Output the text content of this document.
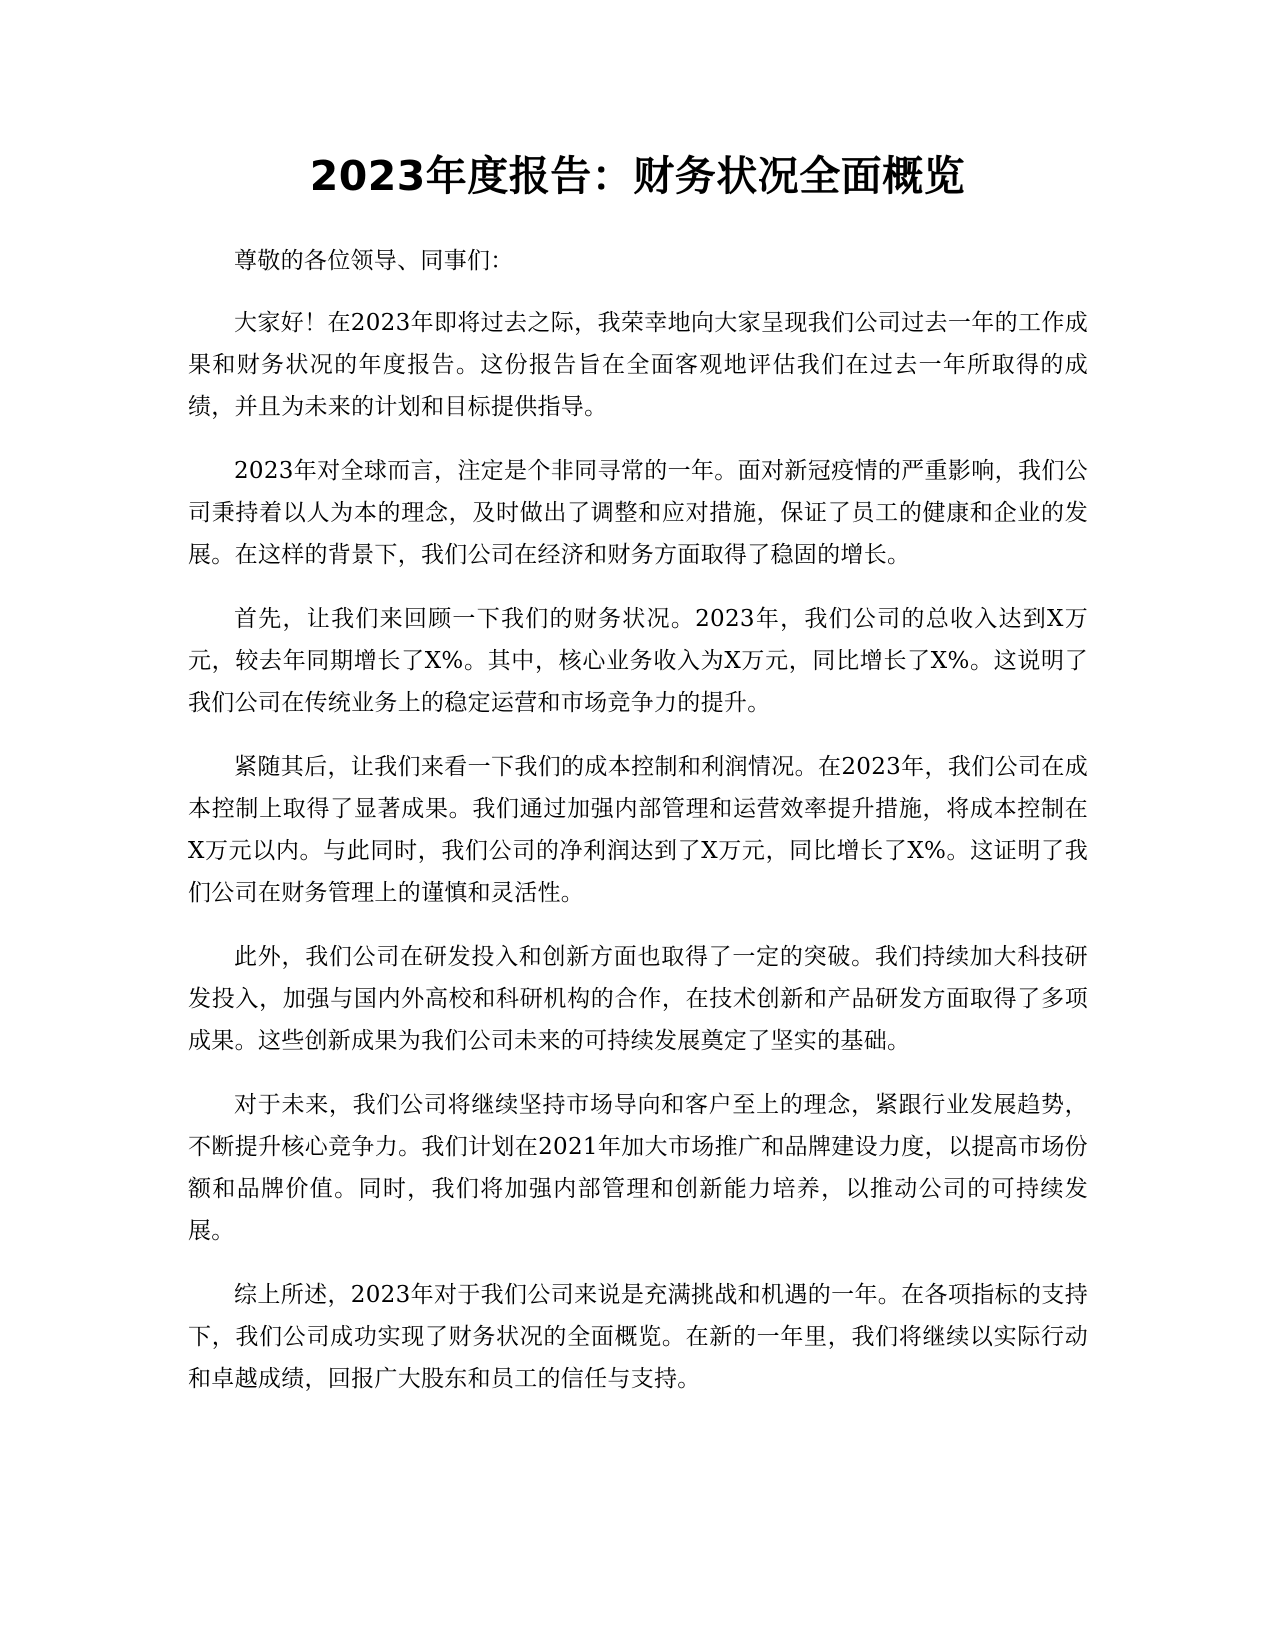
2023年度报告：财务状况全面概览

尊敬的各位领导、同事们：

大家好！在2023年即将过去之际，我荣幸地向大家呈现我们公司过去一年的工作成果和财务状况的年度报告。这份报告旨在全面客观地评估我们在过去一年所取得的成绩，并且为未来的计划和目标提供指导。

2023年对全球而言，注定是个非同寻常的一年。面对新冠疫情的严重影响，我们公司秉持着以人为本的理念，及时做出了调整和应对措施，保证了员工的健康和企业的发展。在这样的背景下，我们公司在经济和财务方面取得了稳固的增长。

首先，让我们来回顾一下我们的财务状况。2023年，我们公司的总收入达到X万元，较去年同期增长了X%。其中，核心业务收入为X万元，同比增长了X%。这说明了我们公司在传统业务上的稳定运营和市场竞争力的提升。

紧随其后，让我们来看一下我们的成本控制和利润情况。在2023年，我们公司在成本控制上取得了显著成果。我们通过加强内部管理和运营效率提升措施，将成本控制在X万元以内。与此同时，我们公司的净利润达到了X万元，同比增长了X%。这证明了我们公司在财务管理上的谨慎和灵活性。

此外，我们公司在研发投入和创新方面也取得了一定的突破。我们持续加大科技研发投入，加强与国内外高校和科研机构的合作，在技术创新和产品研发方面取得了多项成果。这些创新成果为我们公司未来的可持续发展奠定了坚实的基础。

对于未来，我们公司将继续坚持市场导向和客户至上的理念，紧跟行业发展趋势，不断提升核心竞争力。我们计划在2021年加大市场推广和品牌建设力度，以提高市场份额和品牌价值。同时，我们将加强内部管理和创新能力培养，以推动公司的可持续发展。

综上所述，2023年对于我们公司来说是充满挑战和机遇的一年。在各项指标的支持下，我们公司成功实现了财务状况的全面概览。在新的一年里，我们将继续以实际行动和卓越成绩，回报广大股东和员工的信任与支持。
